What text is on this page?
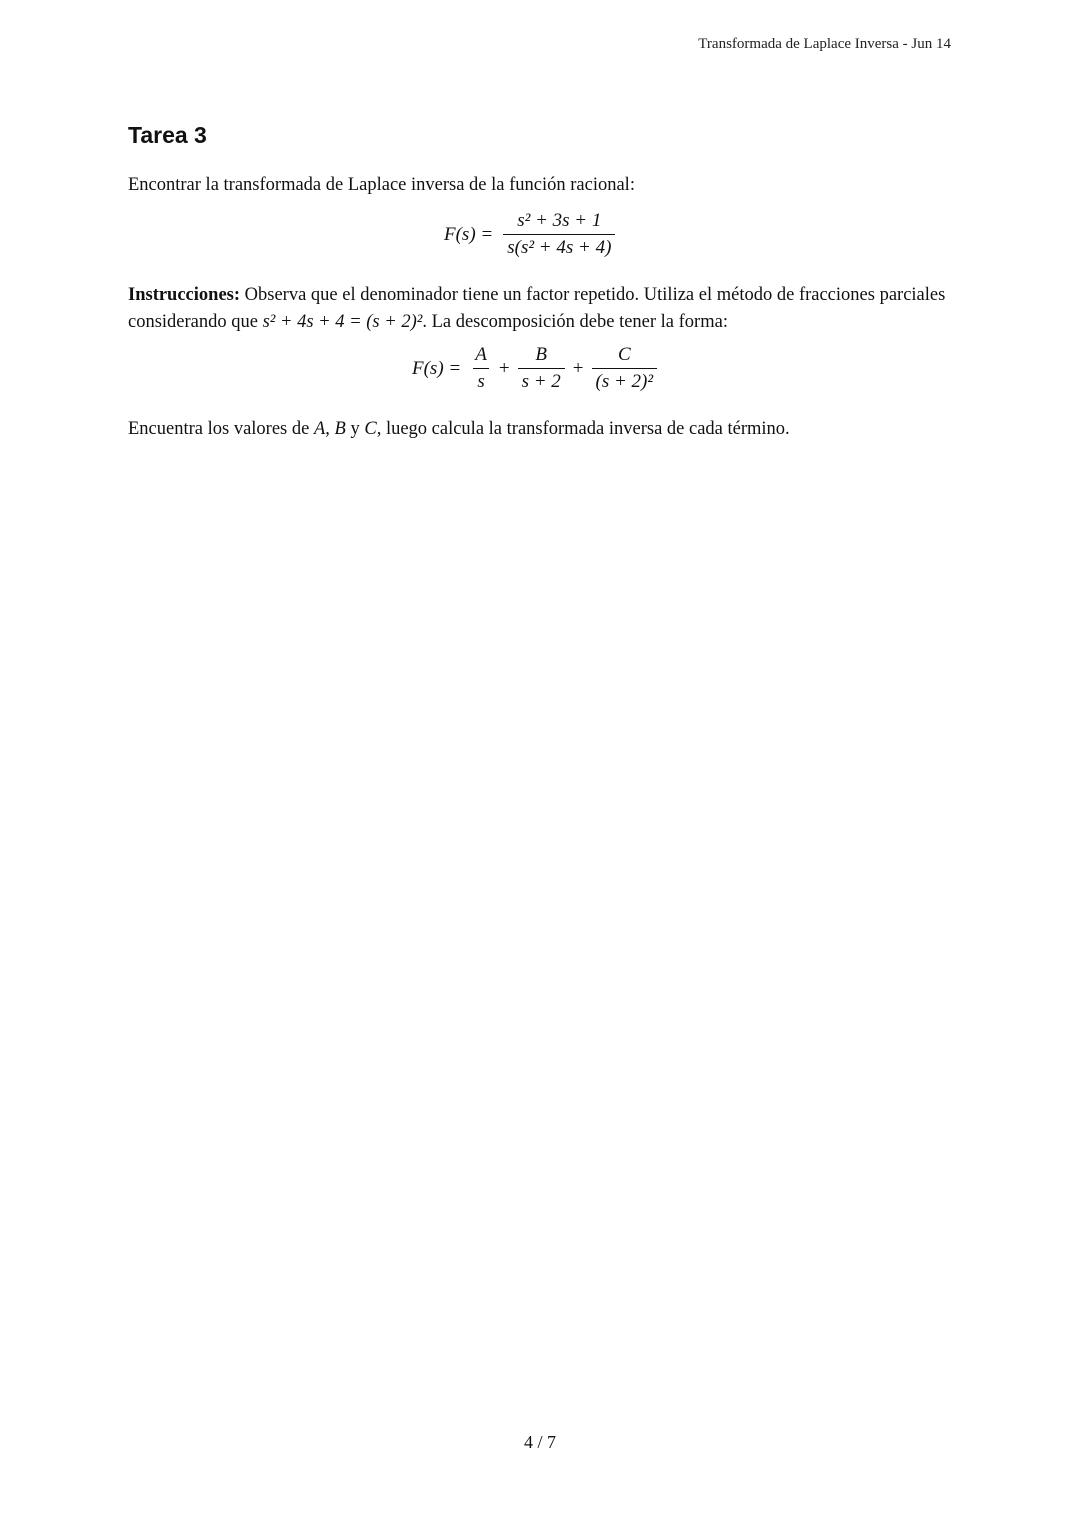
Transformada de Laplace Inversa - Jun 14
Tarea 3

Encontrar la transformada de Laplace inversa de la función racional:

$F(s) = \frac{\text{s² + 3s + 1}}{\text{s(s² + 4s + 4)}}$

Instrucciones: Observa que el denominador tiene un factor repetido. Utiliza el método de fracciones parciales considerando que s² + 4s + 4 = (s + 2)². La descomposición debe tener la forma:

$F(s) = \frac{A}{s} + \frac{B}{s + 2} + \frac{C}{\text{(s + 2)²}}$

Encuentra los valores de A, B y C, luego calcula la transformada inversa de cada término.

4 / 7
